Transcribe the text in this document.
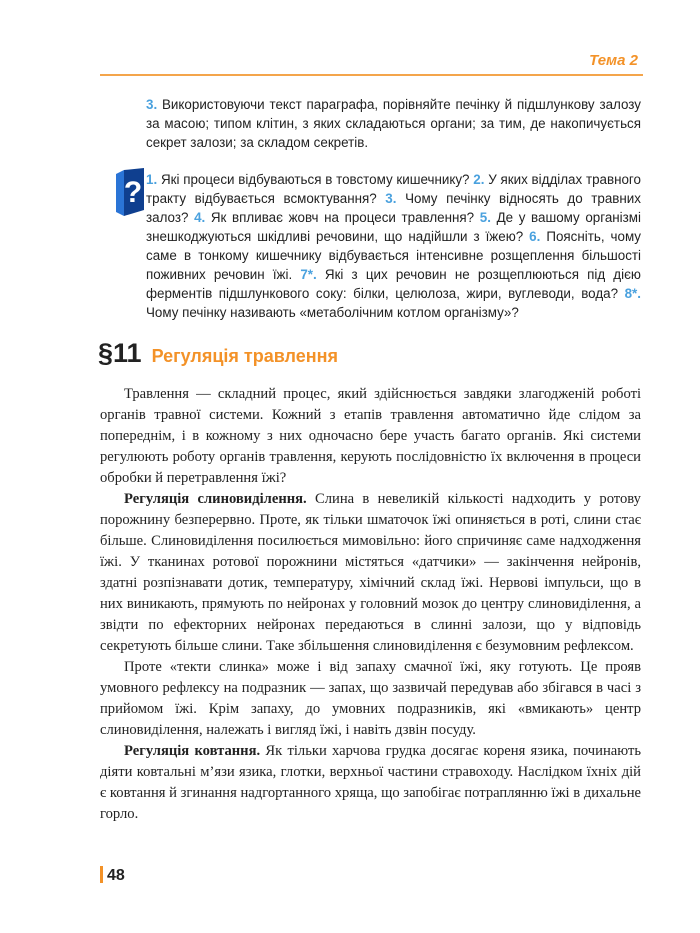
Тема 2
3. Використовуючи текст параграфа, порівняйте печінку й підшлункову залозу за масою; типом клітин, з яких складаються органи; за тим, де накопичується секрет залози; за складом секретів.
? 1. Які процеси відбуваються в товстому кишечнику? 2. У яких відділах травного тракту відбувається всмоктування? 3. Чому печінку відносять до травних залоз? 4. Як впливає жовч на процеси травлення? 5. Де у вашому організмі знешкоджуються шкідливі речовини, що надійшли з їжею? 6. Поясніть, чому саме в тонкому кишечнику відбувається інтенсивне розщеплення більшості поживних речовин їжі. 7*. Які з цих речовин не розщеплюються під дією ферментів підшлункового соку: білки, целюлоза, жири, вуглеводи, вода? 8*. Чому печінку називають «метаболічним котлом організму»?
§11 Регуляція травлення

Травлення — складний процес, який здійснюється завдяки злагодженій роботі органів травної системи. Кожний з етапів травлення автоматично йде слідом за попереднім, і в кожному з них одночасно бере участь багато органів. Які системи регулюють роботу органів травлення, керують послідовністю їх включення в процеси обробки й перетравлення їжі?

Регуляція слиновиділення. Слина в невеликій кількості надходить у ротову порожнину безперервно. Проте, як тільки шматочок їжі опиняється в роті, слини стає більше. Слиновиділення посилюється мимовільно: його спричиняє саме надходження їжі. У тканинах ротової порожнини містяться «датчики» — закінчення нейронів, здатні розпізнавати дотик, температуру, хімічний склад їжі. Нервові імпульси, що в них виникають, прямують по нейронах у головний мозок до центру слиновиділення, а звідти по ефекторних нейронах передаються в слинні залози, що у відповідь секретують більше слини. Таке збільшення слиновиділення є безумовним рефлексом.

Проте «текти слинка» може і від запаху смачної їжі, яку готують. Це прояв умовного рефлексу на подразник — запах, що зазвичай передував або збігався в часі з прийомом їжі. Крім запаху, до умовних подразників, які «вмикають» центр слиновиділення, належать і вигляд їжі, і навіть дзвін посуду.

Регуляція ковтання. Як тільки харчова грудка досягає кореня язика, починають діяти ковтальні м’язи язика, глотки, верхньої частини стравоходу. Наслідком їхніх дій є ковтання й згинання надгортанного хряща, що запобігає потраплянню їжі в дихальне горло.

48
